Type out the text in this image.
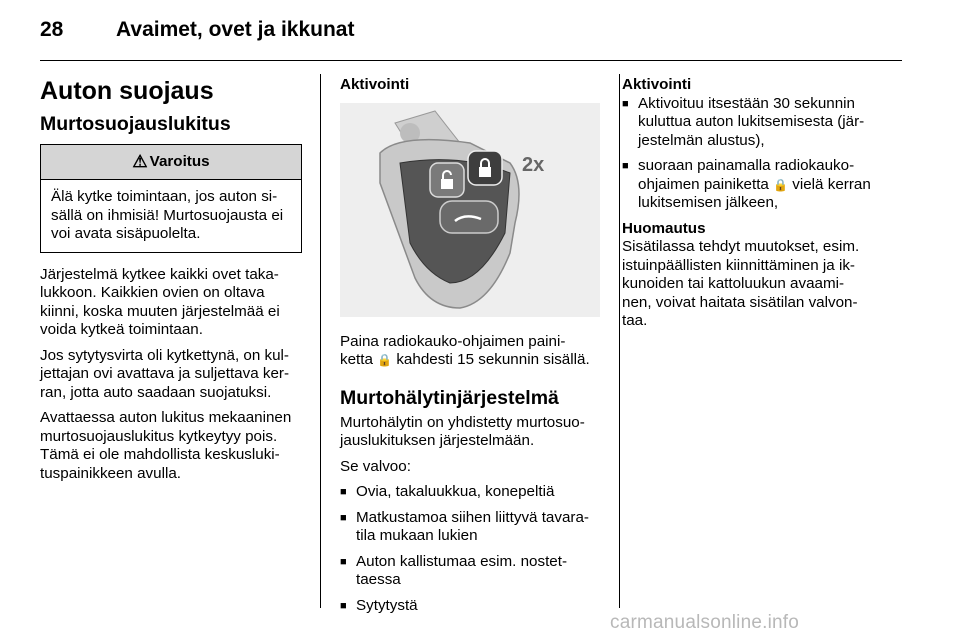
28	Avaimet, ovet ja ikkunat
Auton suojaus
Murtosuojauslukitus
⚠ Varoitus
Älä kytke toimintaan, jos auton si-
sällä on ihmisiä! Murtosuojausta ei
voi avata sisäpuolelta.

Järjestelmä kytkee kaikki ovet taka-
lukkoon. Kaikkien ovien on oltava
kiinni, koska muuten järjestelmää ei
voida kytkeä toimintaan.

Jos sytytysvirta oli kytkettynä, on kul-
jettajan ovi avattava ja suljettava ker-
ran, jotta auto saadaan suojatuksi.

Avattaessa auton lukitus mekaaninen
murtosuojauslukitus kytkeytyy pois.
Tämä ei ole mahdollista keskusluki-
tuspainikkeen avulla.

Aktivointi
2x

Paina radiokauko-ohjaimen paini-
ketta 🔒 kahdesti 15 sekunnin sisällä.

Murtohälytinjärjestelmä

Murtohälytin on yhdistetty murtosuo-
jauslukituksen järjestelmään.

Se valvoo:

■ Ovia, takaluukkua, konepeltiä
■ Matkustamoa siihen liittyvä tavara-
tila mukaan lukien
■ Auton kallistumaa esim. nostet-
taessa
■ Sytytystä
Aktivointi
■ Aktivoituu itsestään 30 sekunnin
kuluttua auton lukitsemisesta (jär-
jestelmän alustus),
■ suoraan painamalla radiokauko-
ohjaimen painiketta 🔒 vielä kerran
lukitsemisen jälkeen,
Huomautus

Sisätilassa tehdyt muutokset, esim.
istuinpäällisten kiinnittäminen ja ik-
kunoiden tai kattoluukun avaami-
nen, voivat haitata sisätilan valvon-
taa.

carmanualsonline.info
